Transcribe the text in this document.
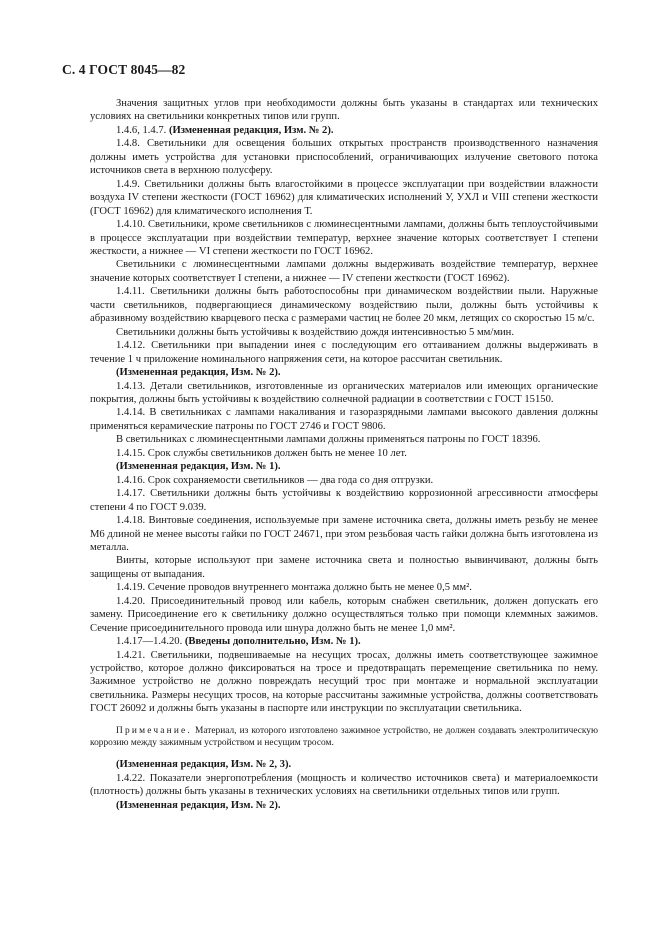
С. 4 ГОСТ 8045—82

Значения защитных углов при необходимости должны быть указаны в стандартах или технических условиях на светильники конкретных типов или групп.

1.4.6, 1.4.7. (Измененная редакция, Изм. № 2).

1.4.8. Светильники для освещения больших открытых пространств производственного назначения должны иметь устройства для установки приспособлений, ограничивающих излучение светового потока источников света в верхнюю полусферу.

1.4.9. Светильники должны быть влагостойкими в процессе эксплуатации при воздействии влажности воздуха IV степени жесткости (ГОСТ 16962) для климатических исполнений У, УХЛ и VIII степени жесткости (ГОСТ 16962) для климатического исполнения Т.

1.4.10. Светильники, кроме светильников с люминесцентными лампами, должны быть теплоустойчивыми в процессе эксплуатации при воздействии температур, верхнее значение которых соответствует I степени жесткости, а нижнее — VI степени жесткости по ГОСТ 16962.

Светильники с люминесцентными лампами должны выдерживать воздействие температур, верхнее значение которых соответствует I степени, а нижнее — IV степени жесткости (ГОСТ 16962).

1.4.11. Светильники должны быть работоспособны при динамическом воздействии пыли. Наружные части светильников, подвергающиеся динамическому воздействию пыли, должны быть устойчивы к абразивному воздействию кварцевого песка с размерами частиц не более 20 мкм, летящих со скоростью 15 м/с.

Светильники должны быть устойчивы к воздействию дождя интенсивностью 5 мм/мин.

1.4.12. Светильники при выпадении инея с последующим его оттаиванием должны выдерживать в течение 1 ч приложение номинального напряжения сети, на которое рассчитан светильник.

(Измененная редакция, Изм. № 2).

1.4.13. Детали светильников, изготовленные из органических материалов или имеющих органические покрытия, должны быть устойчивы к воздействию солнечной радиации в соответствии с ГОСТ 15150.

1.4.14. В светильниках с лампами накаливания и газоразрядными лампами высокого давления должны применяться керамические патроны по ГОСТ 2746 и ГОСТ 9806.

В светильниках с люминесцентными лампами должны применяться патроны по ГОСТ 18396.

1.4.15. Срок службы светильников должен быть не менее 10 лет.

(Измененная редакция, Изм. № 1).

1.4.16. Срок сохраняемости светильников — два года со дня отгрузки.

1.4.17. Светильники должны быть устойчивы к воздействию коррозионной агрессивности атмосферы степени 4 по ГОСТ 9.039.

1.4.18. Винтовые соединения, используемые при замене источника света, должны иметь резьбу не менее М6 длиной не менее высоты гайки по ГОСТ 24671, при этом резьбовая часть гайки должна быть изготовлена из металла.

Винты, которые используют при замене источника света и полностью вывинчивают, должны быть защищены от выпадания.

1.4.19. Сечение проводов внутреннего монтажа должно быть не менее 0,5 мм².

1.4.20. Присоединительный провод или кабель, которым снабжен светильник, должен допускать его замену. Присоединение его к светильнику должно осуществляться только при помощи клеммных зажимов. Сечение присоединительного провода или шнура должно быть не менее 1,0 мм².

1.4.17—1.4.20. (Введены дополнительно, Изм. № 1).

1.4.21. Светильники, подвешиваемые на несущих тросах, должны иметь соответствующее зажимное устройство, которое должно фиксироваться на тросе и предотвращать перемещение светильника по нему. Зажимное устройство не должно повреждать несущий трос при монтаже и нормальной эксплуатации светильника. Размеры несущих тросов, на которые рассчитаны зажимные устройства, должны соответствовать ГОСТ 26092 и должны быть указаны в паспорте или инструкции по эксплуатации светильника.

Примечание. Материал, из которого изготовлено зажимное устройство, не должен создавать электролитическую коррозию между зажимным устройством и несущим тросом.

(Измененная редакция, Изм. № 2, 3).

1.4.22. Показатели энергопотребления (мощность и количество источников света) и материалоемкости (плотность) должны быть указаны в технических условиях на светильники отдельных типов или групп.

(Измененная редакция, Изм. № 2).
